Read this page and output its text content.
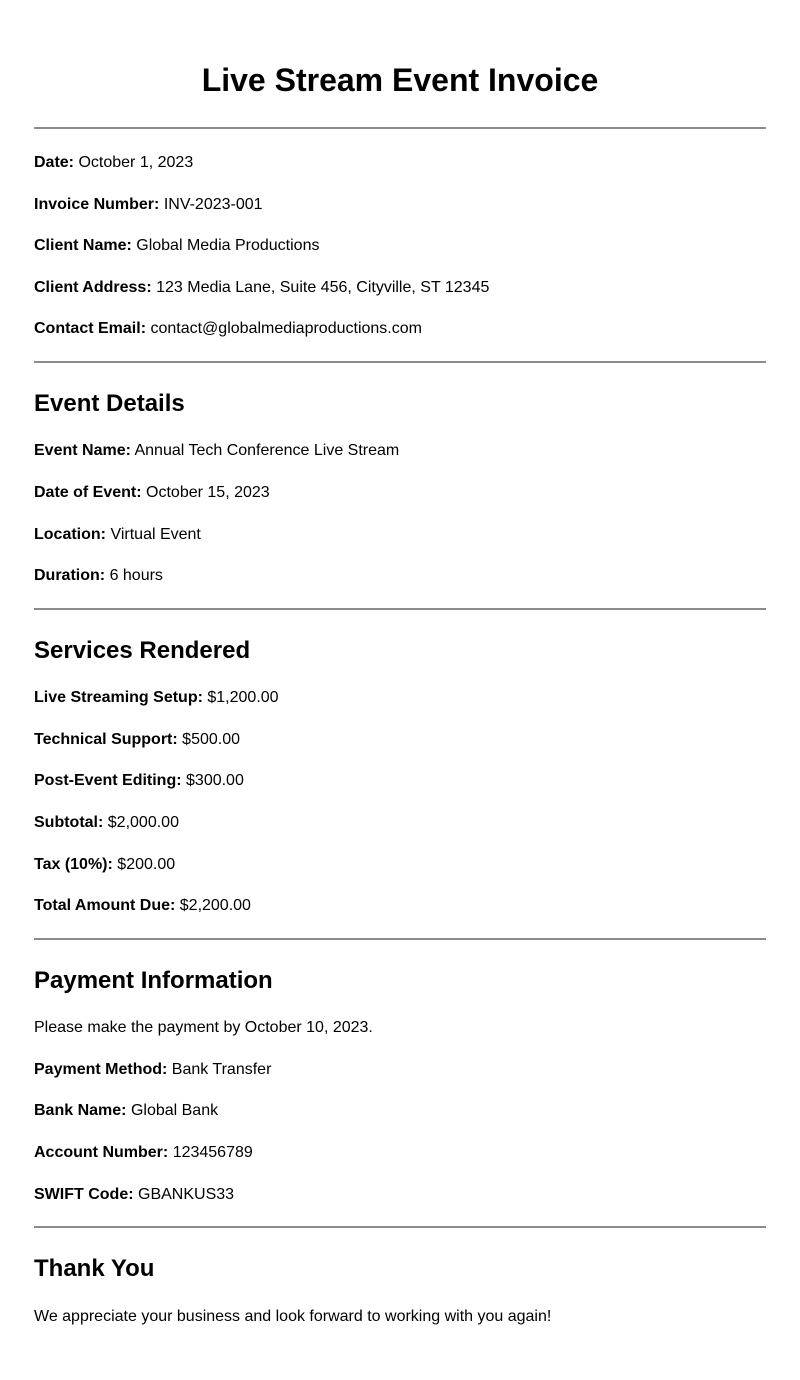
Live Stream Event Invoice

Date: October 1, 2023

Invoice Number: INV-2023-001

Client Name: Global Media Productions

Client Address: 123 Media Lane, Suite 456, Cityville, ST 12345

Contact Email: contact@globalmediaproductions.com

Event Details

Event Name: Annual Tech Conference Live Stream

Date of Event: October 15, 2023

Location: Virtual Event

Duration: 6 hours

Services Rendered

Live Streaming Setup: $1,200.00

Technical Support: $500.00

Post-Event Editing: $300.00

Subtotal: $2,000.00

Tax (10%): $200.00

Total Amount Due: $2,200.00

Payment Information

Please make the payment by October 10, 2023.

Payment Method: Bank Transfer

Bank Name: Global Bank

Account Number: 123456789

SWIFT Code: GBANKUS33

Thank You

We appreciate your business and look forward to working with you again!
